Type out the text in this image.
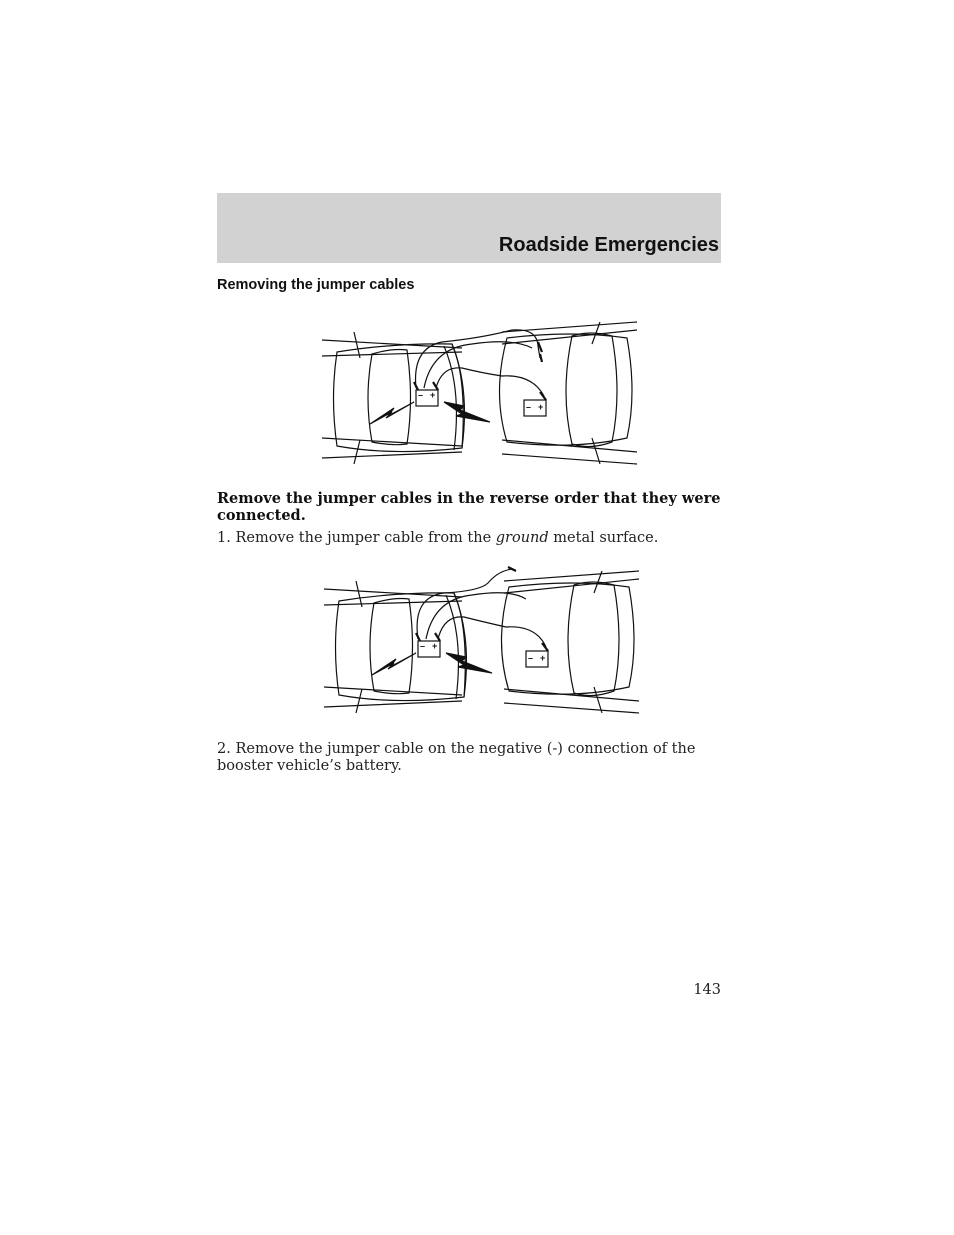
Roadside Emergencies
Removing the jumper cables
– +
– +
Remove the jumper cables in the reverse order that they were connected.
1. Remove the jumper cable from the ground metal surface.
– +
– +
2. Remove the jumper cable on the negative (-) connection of the booster vehicle’s battery.
143
